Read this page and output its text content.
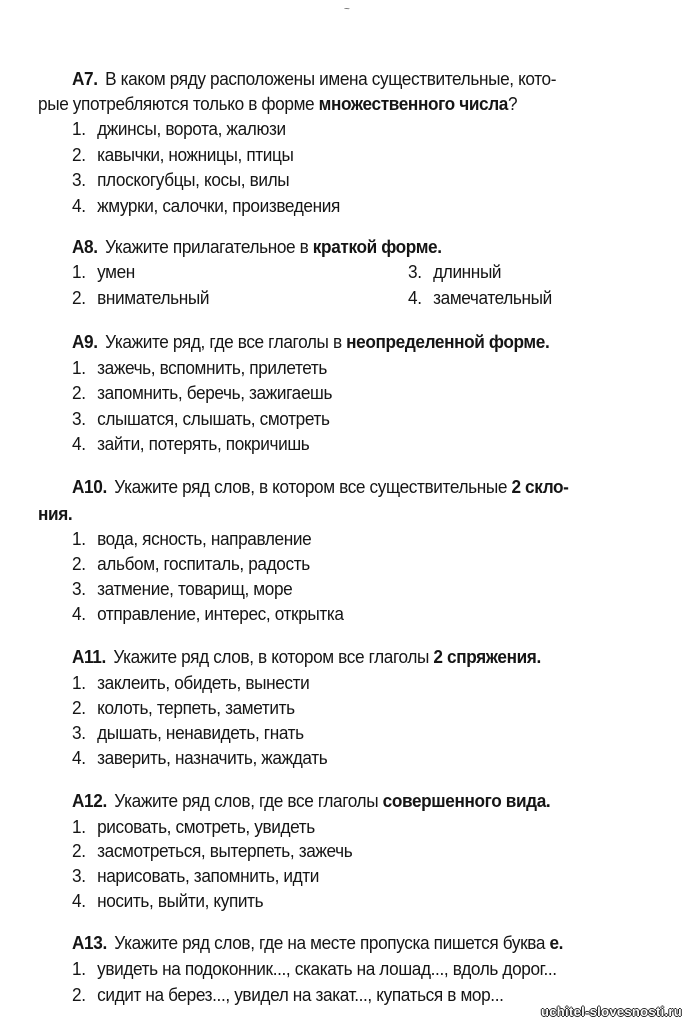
~
A7. В каком ряду расположены имена существительные, кото-
рые употребляются только в форме множественного числа?
1. джинсы, ворота, жалюзи
2. кавычки, ножницы, птицы
3. плоскогубцы, косы, вилы
4. жмурки, салочки, произведения
A8. Укажите прилагательное в краткой форме.
1. умен	3. длинный
2. внимательный	4. замечательный
A9. Укажите ряд, где все глаголы в неопределенной форме.
1. зажечь, вспомнить, прилететь
2. запомнить, беречь, зажигаешь
3. слышатся, слышать, смотреть
4. зайти, потерять, покричишь
A10. Укажите ряд слов, в котором все существительные 2 скло-
ния.
1. вода, ясность, направление
2. альбом, госпиталь, радость
3. затмение, товарищ, море
4. отправление, интерес, открытка
A11. Укажите ряд слов, в котором все глаголы 2 спряжения.
1. заклеить, обидеть, вынести
2. колоть, терпеть, заметить
3. дышать, ненавидеть, гнать
4. заверить, назначить, жаждать
A12. Укажите ряд слов, где все глаголы совершенного вида.
1. рисовать, смотреть, увидеть
2. засмотреться, вытерпеть, зажечь
3. нарисовать, запомнить, идти
4. носить, выйти, купить
A13. Укажите ряд слов, где на месте пропуска пишется буква е.
1. увидеть на подоконник..., скакать на лошад..., вдоль дорог...
2. сидит на берез..., увидел на закат..., купаться в мор...
uchitel-slovesnosti.ru
